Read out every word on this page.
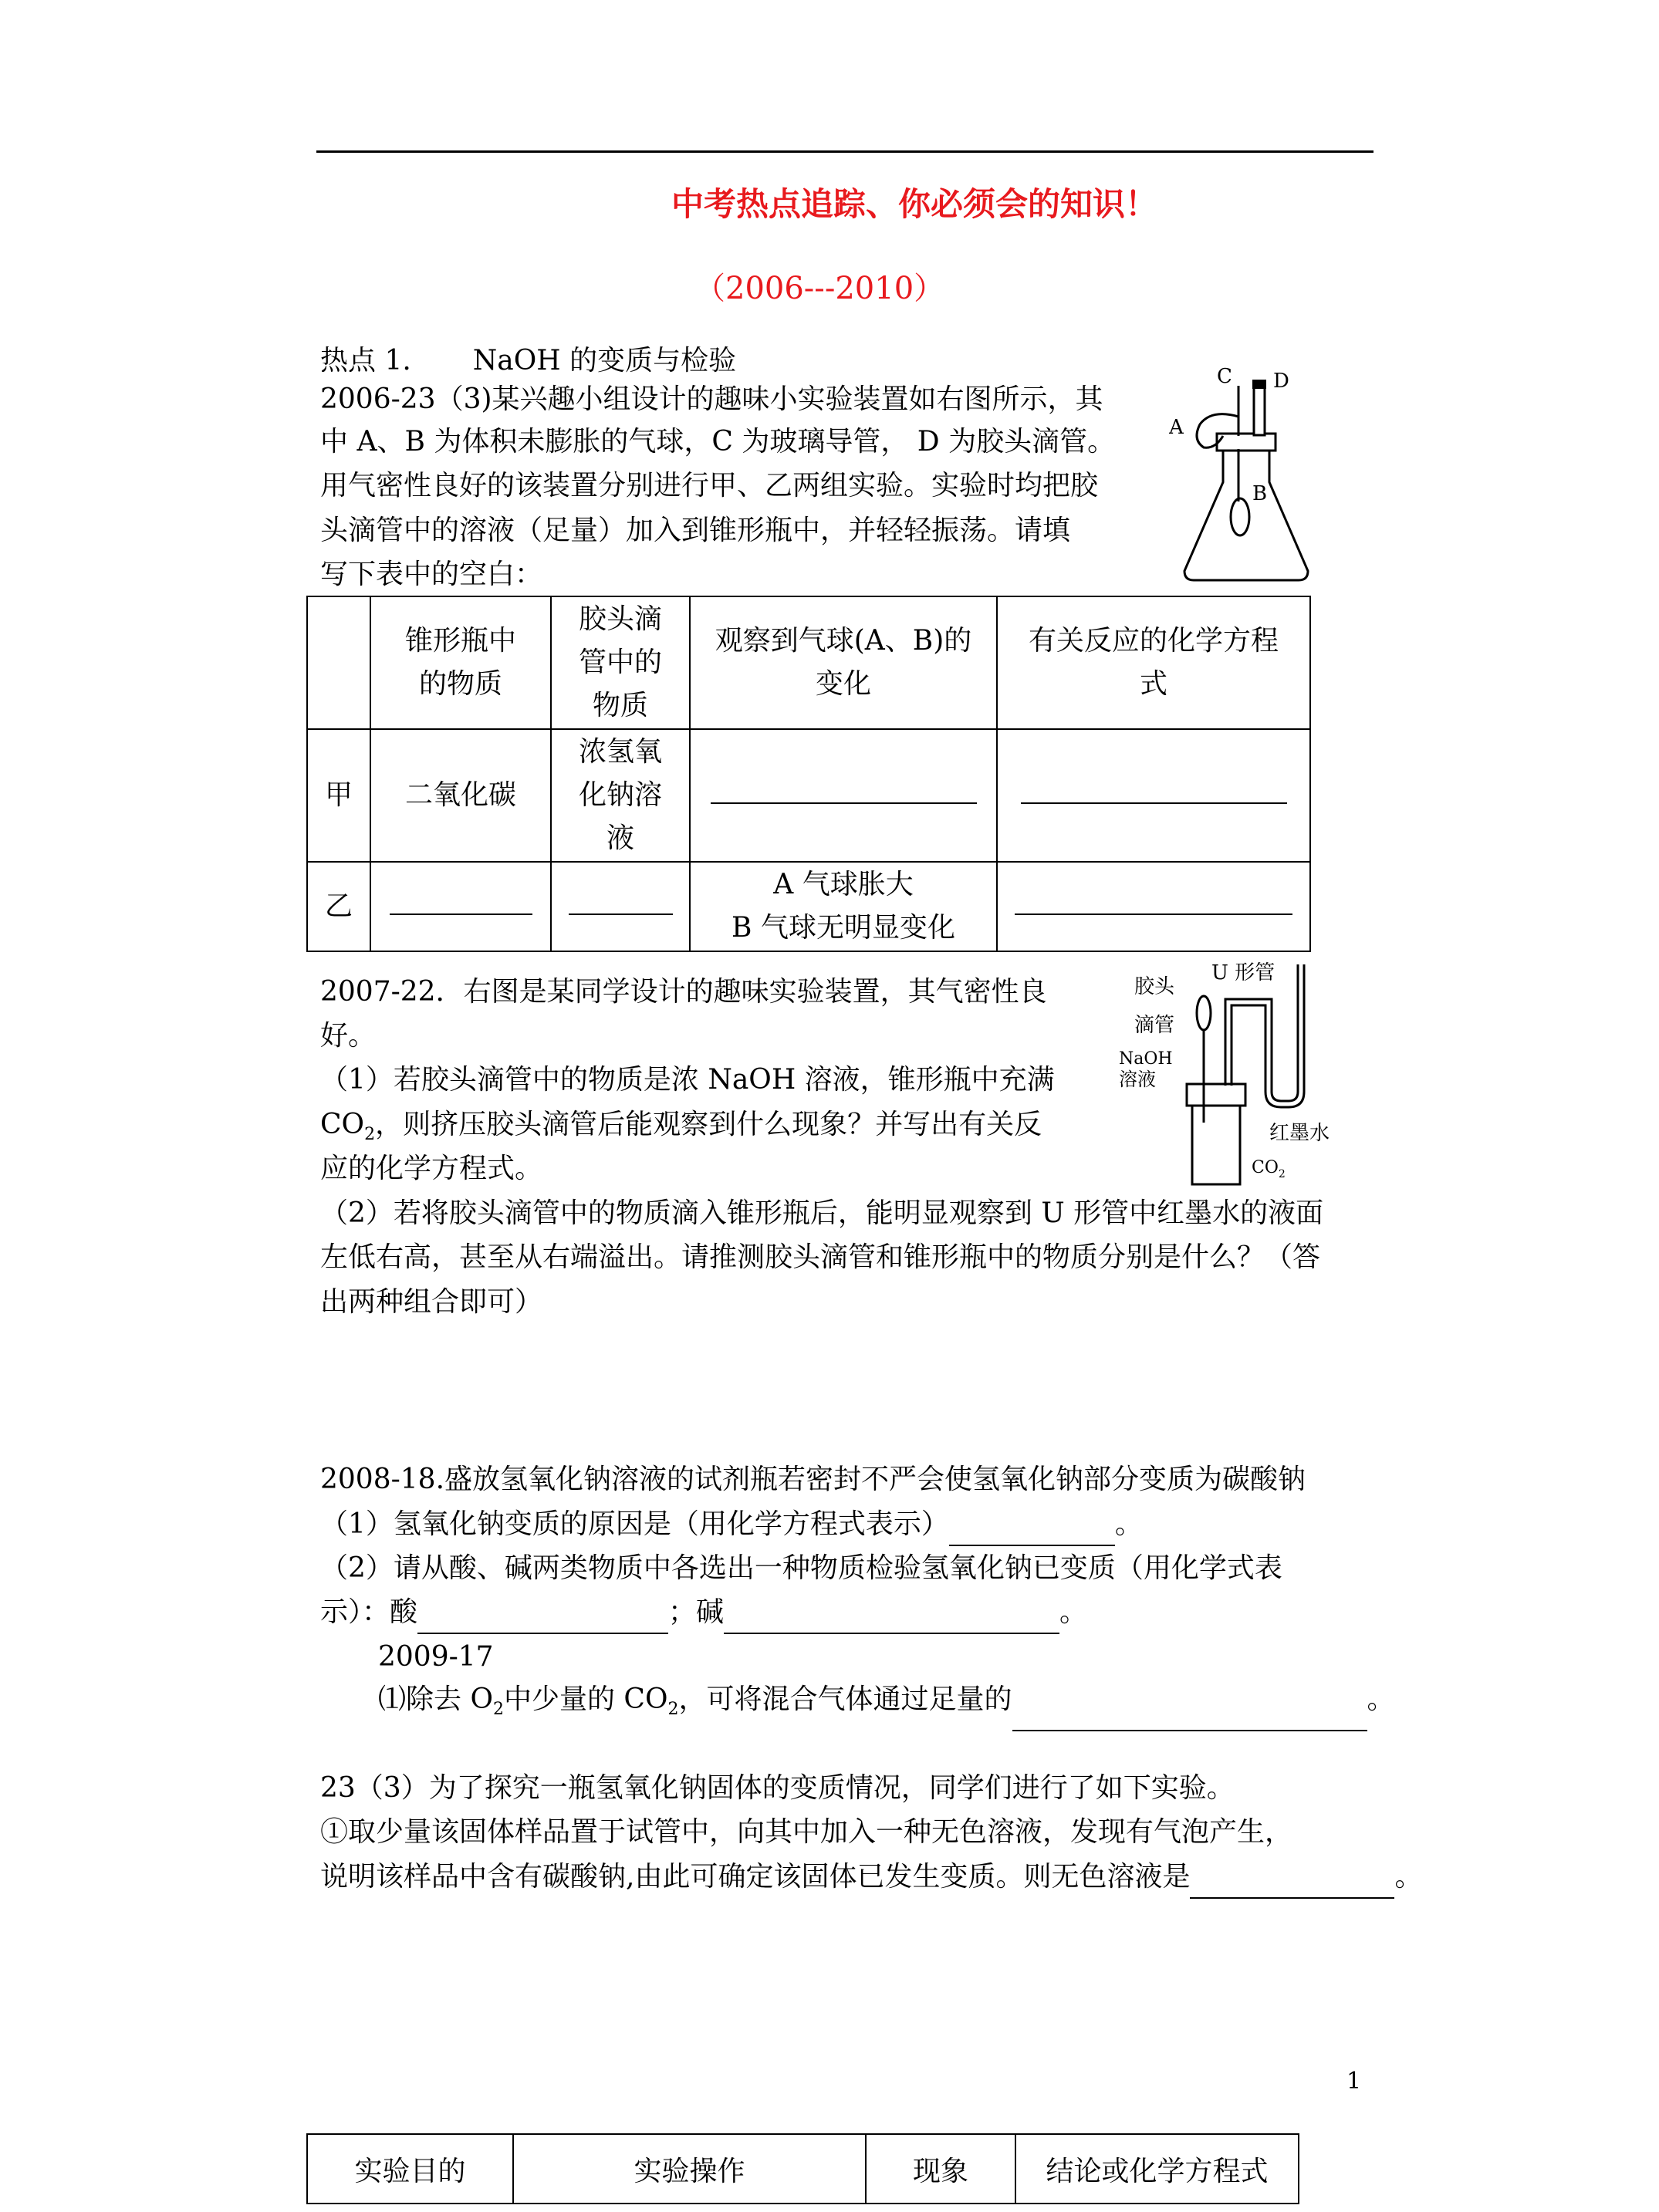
中考热点追踪、你必须会的知识！
（2006---2010）
热点 1. NaOH 的变质与检验
2006-23（3)某兴趣小组设计的趣味小实验装置如右图所示，其
中 A、B 为体积未膨胀的气球，C 为玻璃导管， D 为胶头滴管。
用气密性良好的该装置分别进行甲、乙两组实验。实验时均把胶
头滴管中的溶液（足量）加入到锥形瓶中，并轻轻振荡。请填
写下表中的空白：
C D
A
B
	锥形瓶中
的物质	胶头滴
管中的
物质	观察到气球(A、B)的
变化	有关反应的化学方程
式
甲	二氧化碳	浓氢氧
化钠溶
液		
乙			A 气球胀大
B 气球无明显变化	
2007-22．右图是某同学设计的趣味实验装置，其气密性良
好。
（1）若胶头滴管中的物质是浓 NaOH 溶液，锥形瓶中充满
$CO_2$，则挤压胶头滴管后能观察到什么现象？并写出有关反
应的化学方程式。
（2）若将胶头滴管中的物质滴入锥形瓶后，能明显观察到 U 形管中红墨水的液面
左低右高，甚至从右端溢出。请推测胶头滴管和锥形瓶中的物质分别是什么？（答
出两种组合即可）
胶头
滴管
U 形管
NaOH
溶液
红墨水
$CO_2$
2008-18.盛放氢氧化钠溶液的试剂瓶若密封不严会使氢氧化钠部分变质为碳酸钠
（1）氢氧化钠变质的原因是（用化学方程式表示）	。
（2）请从酸、碱两类物质中各选出一种物质检验氢氧化钠已变质（用化学式表
示）：酸	；碱	。
2009-17
⑴除去 $O_2$中少量的 $CO_2$，可将混合气体通过足量的	。
23（3）为了探究一瓶氢氧化钠固体的变质情况，同学们进行了如下实验。
①取少量该固体样品置于试管中，向其中加入一种无色溶液，发现有气泡产生，
说明该样品中含有碳酸钠,由此可确定该固体已发生变质。则无色溶液是	。
1
实验目的	实验操作	现象	结论或化学方程式
